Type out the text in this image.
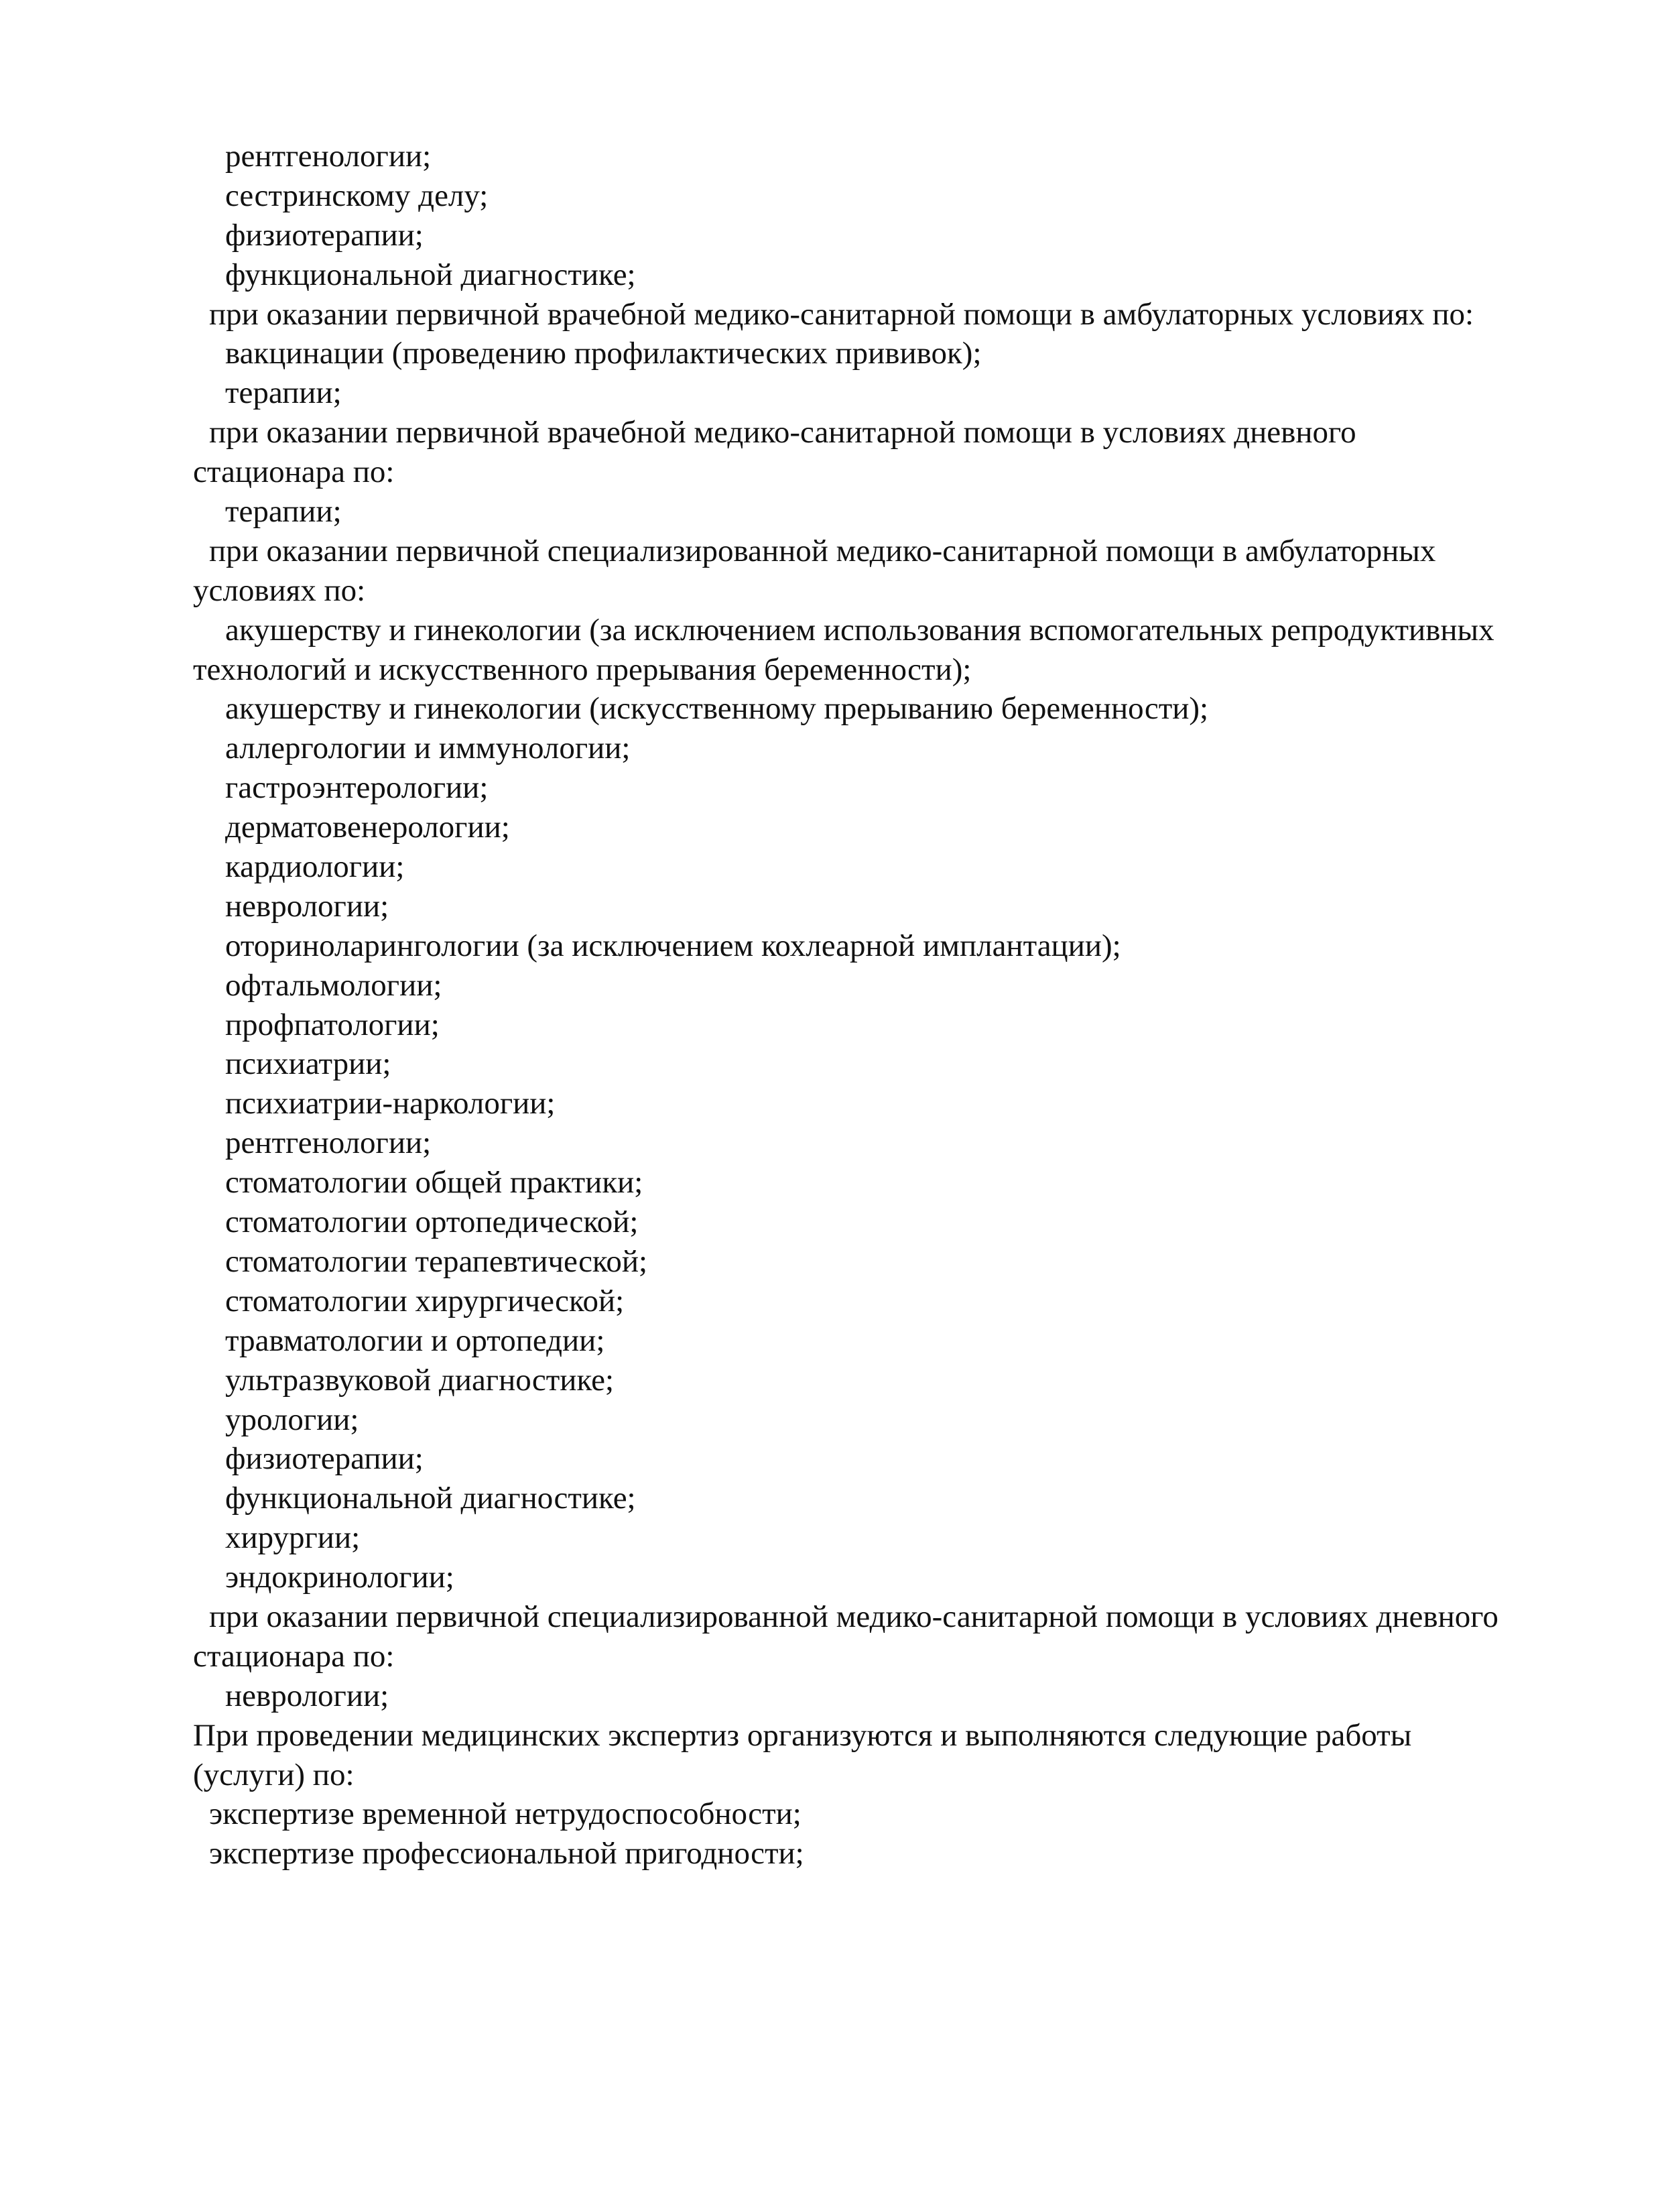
рентгенологии;

сестринскому делу;

физиотерапии;

функциональной диагностике;

при оказании первичной врачебной медико-санитарной помощи в амбулаторных условиях по:

вакцинации (проведению профилактических прививок);

терапии;

при оказании первичной врачебной медико-санитарной помощи в условиях дневного

стационара по:

терапии;

при оказании первичной специализированной медико-санитарной помощи в амбулаторных

условиях по:

акушерству и гинекологии (за исключением использования вспомогательных репродуктивных

технологий и искусственного прерывания беременности);

акушерству и гинекологии (искусственному прерыванию беременности);

аллергологии и иммунологии;

гастроэнтерологии;

дерматовенерологии;

кардиологии;

неврологии;

оториноларингологии (за исключением кохлеарной имплантации);

офтальмологии;

профпатологии;

психиатрии;

психиатрии-наркологии;

рентгенологии;

стоматологии общей практики;

стоматологии ортопедической;

стоматологии терапевтической;

стоматологии хирургической;

травматологии и ортопедии;

ультразвуковой диагностике;

урологии;

физиотерапии;

функциональной диагностике;

хирургии;

эндокринологии;

при оказании первичной специализированной медико-санитарной помощи в условиях дневного

стационара по:

неврологии;

При проведении медицинских экспертиз организуются и выполняются следующие работы

(услуги) по:

экспертизе временной нетрудоспособности;

экспертизе профессиональной пригодности;
